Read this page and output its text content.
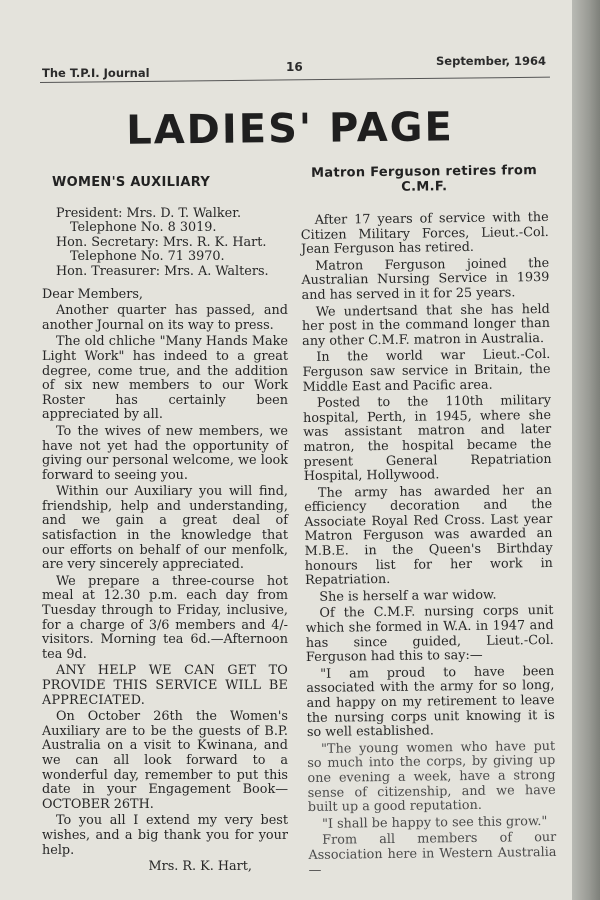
The T.P.I. Journal	16	September, 1964
LADIES' PAGE
WOMEN'S AUXILIARY
President: Mrs. D. T. Walker.
Telephone No. 8 3019.
Hon. Secretary: Mrs. R. K. Hart.
Telephone No. 71 3970.
Hon. Treasurer: Mrs. A. Walters.

Dear Members,

Another quarter has passed, and another Journal on its way to press.

The old chliche "Many Hands Make Light Work" has indeed to a great degree, come true, and the addition of six new members to our Work Roster has certainly been appreciated by all.

To the wives of new members, we have not yet had the opportunity of giving our personal welcome, we look forward to seeing you.

Within our Auxiliary you will find, friendship, help and understanding, and we gain a great deal of satisfaction in the knowledge that our efforts on behalf of our menfolk, are very sincerely appreciated.

We prepare a three-course hot meal at 12.30 p.m. each day from Tuesday through to Friday, inclusive, for a charge of 3/6 members and 4/- visitors. Morning tea 6d.—Afternoon tea 9d.

ANY HELP WE CAN GET TO PROVIDE THIS SERVICE WILL BE APPRECIATED.

On October 26th the Women's Auxiliary are to be the guests of B.P. Australia on a visit to Kwinana, and we can all look forward to a wonderful day, remember to put this date in your Engagement Book—OCTOBER 26TH.

To you all I extend my very best wishes, and a big thank you for your help.

Mrs. R. K. Hart,
Matron Ferguson retires from C.M.F.

After 17 years of service with the Citizen Military Forces, Lieut.-Col. Jean Ferguson has retired.

Matron Ferguson joined the Australian Nursing Service in 1939 and has served in it for 25 years.

We undertsand that she has held her post in the command longer than any other C.M.F. matron in Australia.

In the world war Lieut.-Col. Ferguson saw service in Britain, the Middle East and Pacific area.

Posted to the 110th military hospital, Perth, in 1945, where she was assistant matron and later matron, the hospital became the present General Repatriation Hospital, Hollywood.

The army has awarded her an efficiency decoration and the Associate Royal Red Cross. Last year Matron Ferguson was awarded an M.B.E. in the Queen's Birthday honours list for her work in Repatriation.

She is herself a war widow.

Of the C.M.F. nursing corps unit which she formed in W.A. in 1947 and has since guided, Lieut.-Col. Ferguson had this to say:—

"I am proud to have been associated with the army for so long, and happy on my retirement to leave the nursing corps unit knowing it is so well established.

"The young women who have put so much into the corps, by giving up one evening a week, have a strong sense of citizenship, and we have built up a good reputation.

"I shall be happy to see this grow."

From all members of our Association here in Western Australia—
